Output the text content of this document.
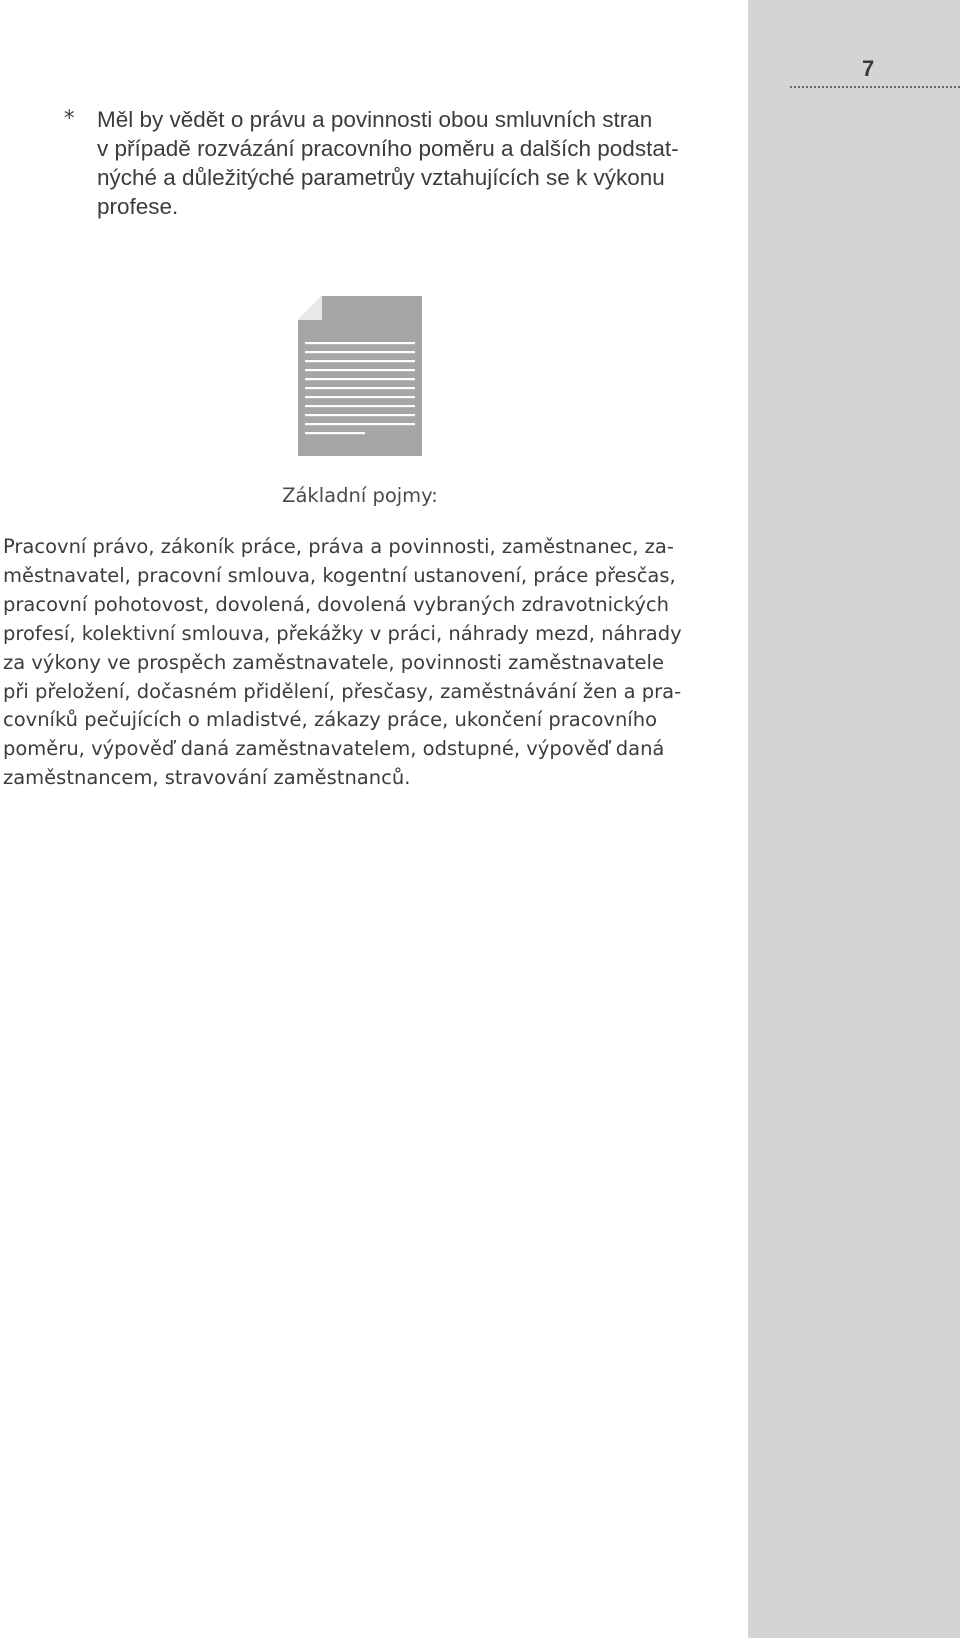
7
* Měl by vědět o právu a povinnosti obou smluvních stran
v případě rozvázání pracovního poměru a dalších podstat-
nýché a důležitýché parametrůy vztahujících se k výkonu
profese.
Základní pojmy:
Pracovní právo, zákoník práce, práva a povinnosti, zaměstnanec, za-
městnavatel, pracovní smlouva, kogentní ustanovení, práce přesčas,
pracovní pohotovost, dovolená, dovolená vybraných zdravotnických
profesí, kolektivní smlouva, překážky v práci, náhrady mezd, náhrady
za výkony ve prospěch zaměstnavatele, povinnosti zaměstnavatele
při přeložení, dočasném přidělení, přesčasy, zaměstnávání žen a pra-
covníků pečujících o mladistvé, zákazy práce, ukončení pracovního
poměru, výpověď daná zaměstnavatelem, odstupné, výpověď daná
zaměstnancem, stravování zaměstnanců.
